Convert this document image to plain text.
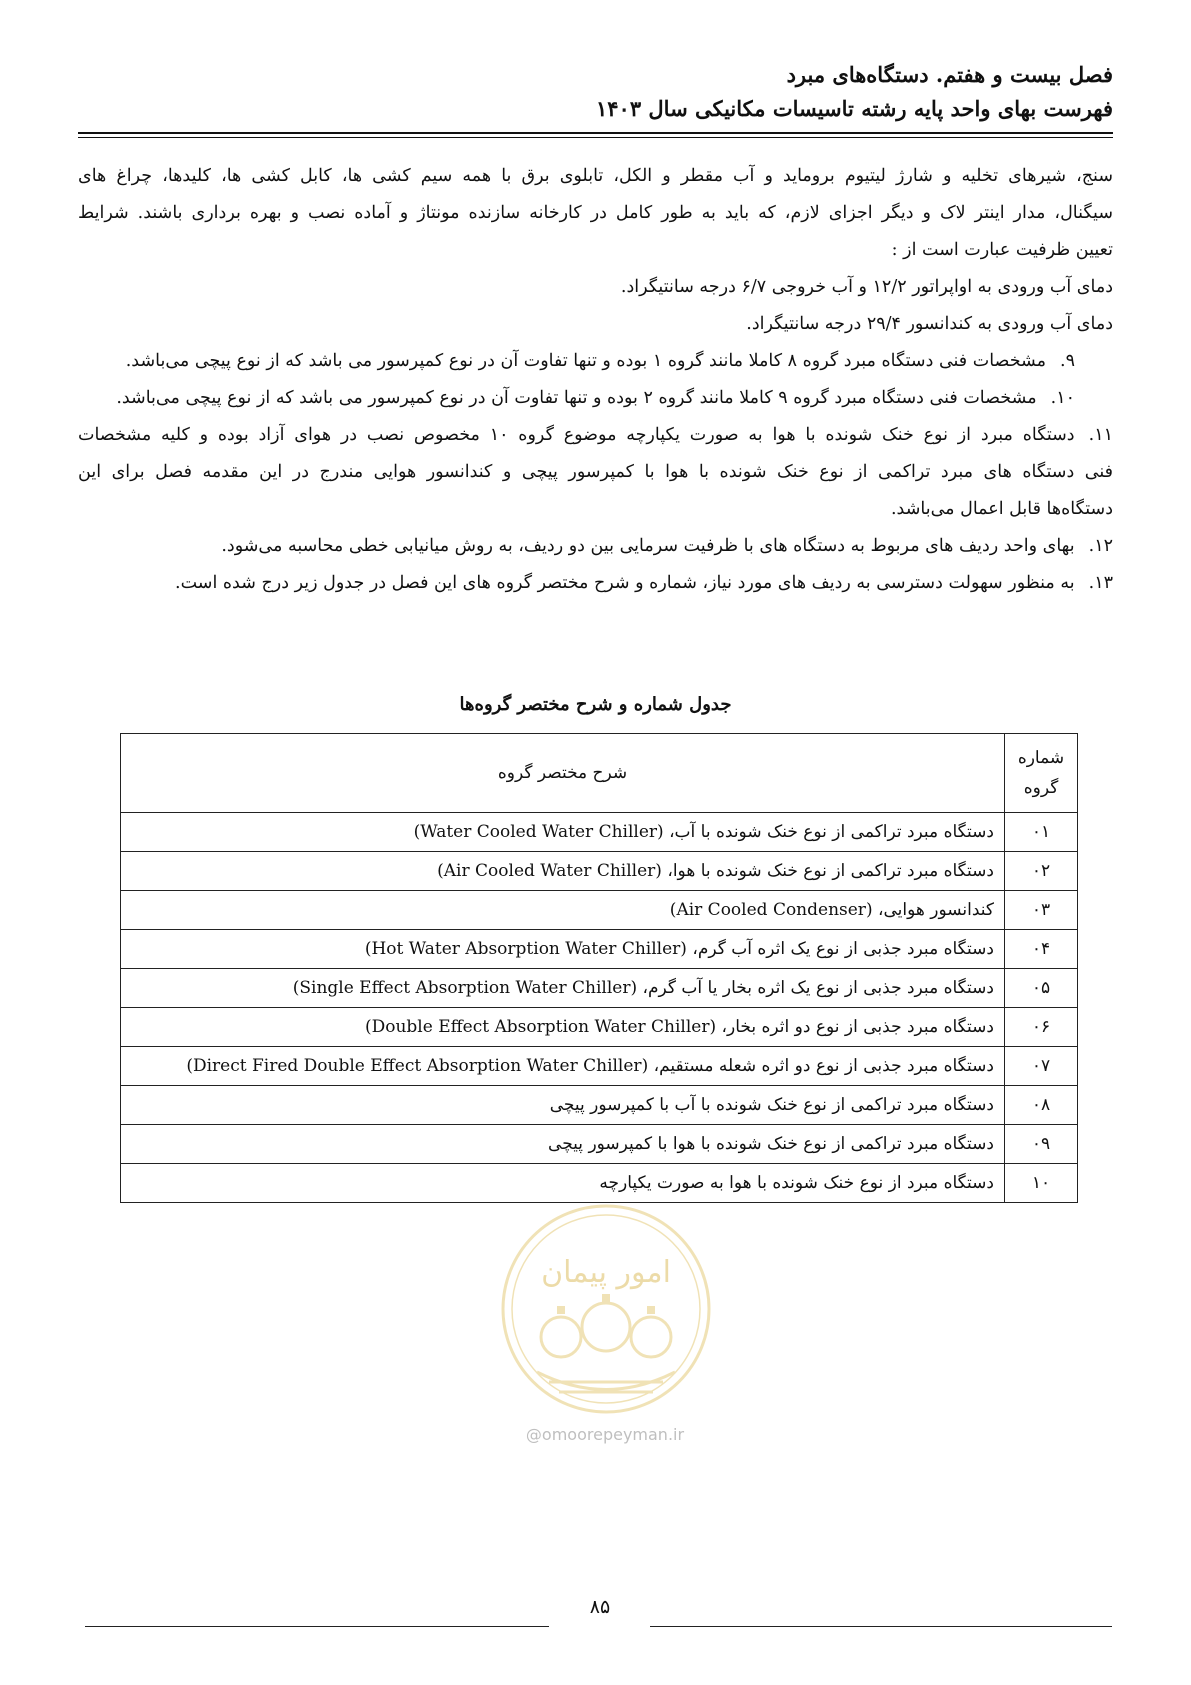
فصل بیست و هفتم. دستگاه‌های مبرد
فهرست بهای واحد پایه رشته تاسیسات مکانیکی سال ۱۴۰۳
سنج، شیرهای تخلیه و شارژ لیتیوم بروماید و آب مقطر و الکل، تابلوی برق با همه سیم کشی ها، کابل کشی ها، کلیدها، چراغ های
سیگنال، مدار اینتر لاک و دیگر اجزای لازم، که باید به طور کامل در کارخانه سازنده مونتاژ و آماده نصب و بهره برداری باشند. شرایط
تعیین ظرفیت عبارت است از :
دمای آب ورودی به اواپراتور ۱۲/۲ و آب خروجی ۶/۷ درجه سانتیگراد.
دمای آب ورودی به کندانسور ۲۹/۴ درجه سانتیگراد.
۹.مشخصات فنی دستگاه مبرد گروه ۸ کاملا مانند گروه ۱ بوده و تنها تفاوت آن در نوع کمپرسور می باشد که از نوع پیچی می‌باشد.
۱۰.مشخصات فنی دستگاه مبرد گروه ۹ کاملا مانند گروه ۲ بوده و تنها تفاوت آن در نوع کمپرسور می باشد که از نوع پیچی می‌باشد.
۱۱.دستگاه مبرد از نوع خنک شونده با هوا به صورت یکپارچه موضوع گروه ۱۰ مخصوص نصب در هوای آزاد بوده و کلیه مشخصات
فنی دستگاه های مبرد تراکمی از نوع خنک شونده با هوا با کمپرسور پیچی و کندانسور هوایی مندرج در این مقدمه فصل برای این
دستگاه‌ها قابل اعمال می‌باشد.
۱۲.بهای واحد ردیف های مربوط به دستگاه های با ظرفیت سرمایی بین دو ردیف، به روش میانیابی خطی محاسبه می‌شود.
۱۳.به منظور سهولت دسترسی به ردیف های مورد نیاز، شماره و شرح مختصر گروه های این فصل در جدول زیر درج شده است.
جدول شماره و شرح مختصر گروه‌ها
شماره گروه	شرح مختصر گروه
۰۱	دستگاه مبرد تراکمی از نوع خنک شونده با آب، (Water Cooled Water Chiller)
۰۲	دستگاه مبرد تراکمی از نوع خنک شونده با هوا، (Air Cooled Water Chiller)
۰۳	کندانسور هوایی، (Air Cooled Condenser)
۰۴	دستگاه مبرد جذبی از نوع یک اثره آب گرم، (Hot Water Absorption Water Chiller)
۰۵	دستگاه مبرد جذبی از نوع یک اثره بخار یا آب گرم، (Single Effect Absorption Water Chiller)
۰۶	دستگاه مبرد جذبی از نوع دو اثره بخار، (Double Effect Absorption Water Chiller)
۰۷	دستگاه مبرد جذبی از نوع دو اثره شعله مستقیم، (Direct Fired Double Effect Absorption Water Chiller)
۰۸	دستگاه مبرد تراکمی از نوع خنک شونده با آب با کمپرسور پیچی
۰۹	دستگاه مبرد تراکمی از نوع خنک شونده با هوا با کمپرسور پیچی
۱۰	دستگاه مبرد از نوع خنک شونده با هوا به صورت یکپارچه
امور پیمان
@omoorepeyman.ir
۸۵
